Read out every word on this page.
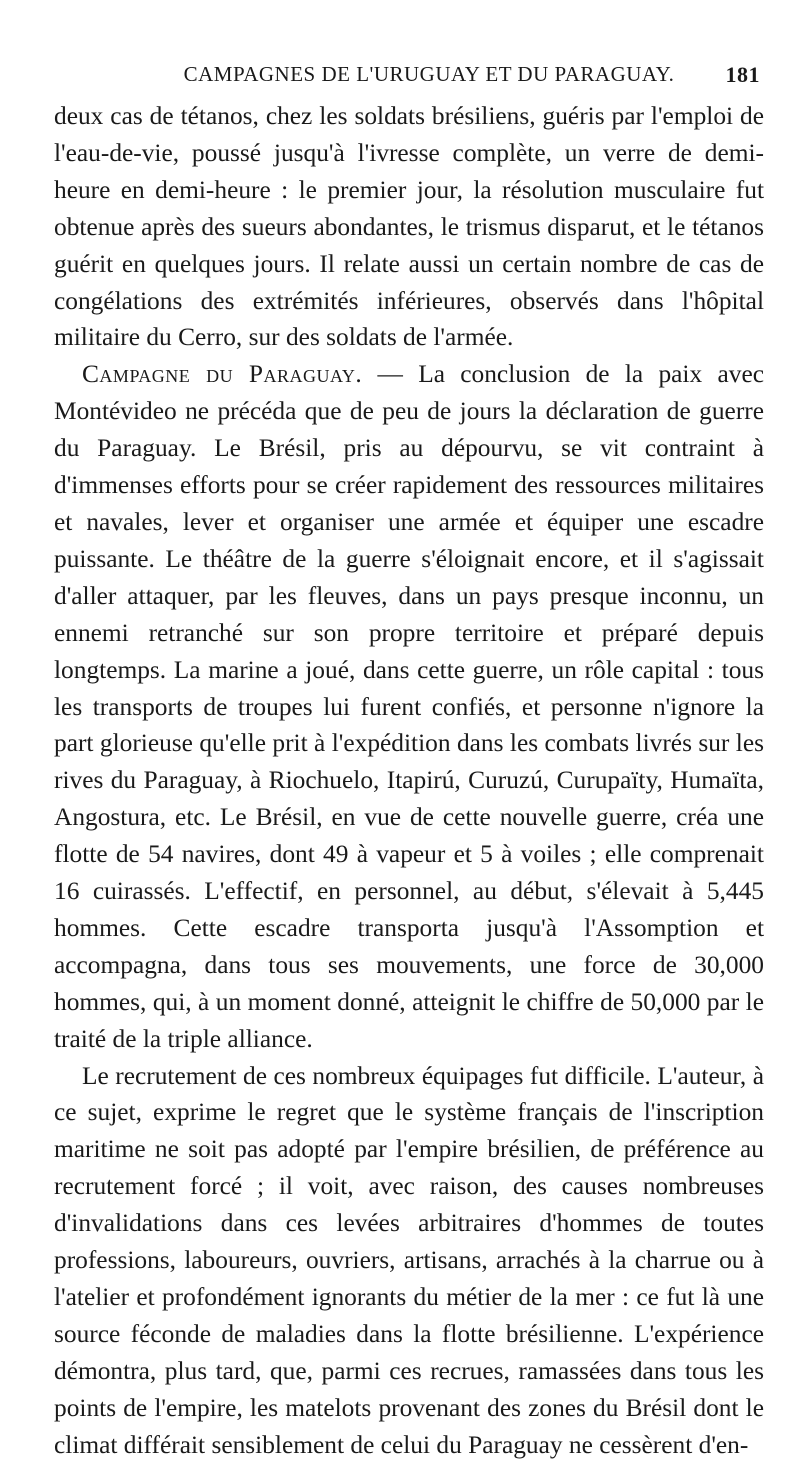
CAMPAGNES DE L'URUGUAY ET DU PARAGUAY. 181

deux cas de tétanos, chez les soldats brésiliens, guéris par l'emploi de l'eau-de-vie, poussé jusqu'à l'ivresse complète, un verre de demi-heure en demi-heure : le premier jour, la résolution musculaire fut obtenue après des sueurs abondantes, le trismus disparut, et le tétanos guérit en quelques jours. Il relate aussi un certain nombre de cas de congélations des extrémités inférieures, observés dans l'hôpital militaire du Cerro, sur des soldats de l'armée.

Campagne du Paraguay. — La conclusion de la paix avec Montévideo ne précéda que de peu de jours la déclaration de guerre du Paraguay. Le Brésil, pris au dépourvu, se vit contraint à d'immenses efforts pour se créer rapidement des ressources militaires et navales, lever et organiser une armée et équiper une escadre puissante. Le théâtre de la guerre s'éloignait encore, et il s'agissait d'aller attaquer, par les fleuves, dans un pays presque inconnu, un ennemi retranché sur son propre territoire et préparé depuis longtemps. La marine a joué, dans cette guerre, un rôle capital : tous les transports de troupes lui furent confiés, et personne n'ignore la part glorieuse qu'elle prit à l'expédition dans les combats livrés sur les rives du Paraguay, à Riochuelo, Itapirú, Curuzú, Curupaïty, Humaïta, Angostura, etc. Le Brésil, en vue de cette nouvelle guerre, créa une flotte de 54 navires, dont 49 à vapeur et 5 à voiles ; elle comprenait 16 cuirassés. L'effectif, en personnel, au début, s'élevait à 5,445 hommes. Cette escadre transporta jusqu'à l'Assomption et accompagna, dans tous ses mouvements, une force de 30,000 hommes, qui, à un moment donné, atteignit le chiffre de 50,000 par le traité de la triple alliance.

Le recrutement de ces nombreux équipages fut difficile. L'auteur, à ce sujet, exprime le regret que le système français de l'inscription maritime ne soit pas adopté par l'empire brésilien, de préférence au recrutement forcé ; il voit, avec raison, des causes nombreuses d'invalidations dans ces levées arbitraires d'hommes de toutes professions, laboureurs, ouvriers, artisans, arrachés à la charrue ou à l'atelier et profondément ignorants du métier de la mer : ce fut là une source féconde de maladies dans la flotte brésilienne. L'expérience démontra, plus tard, que, parmi ces recrues, ramassées dans tous les points de l'empire, les matelots provenant des zones du Brésil dont le climat différait sensiblement de celui du Paraguay ne cessèrent d'en-
